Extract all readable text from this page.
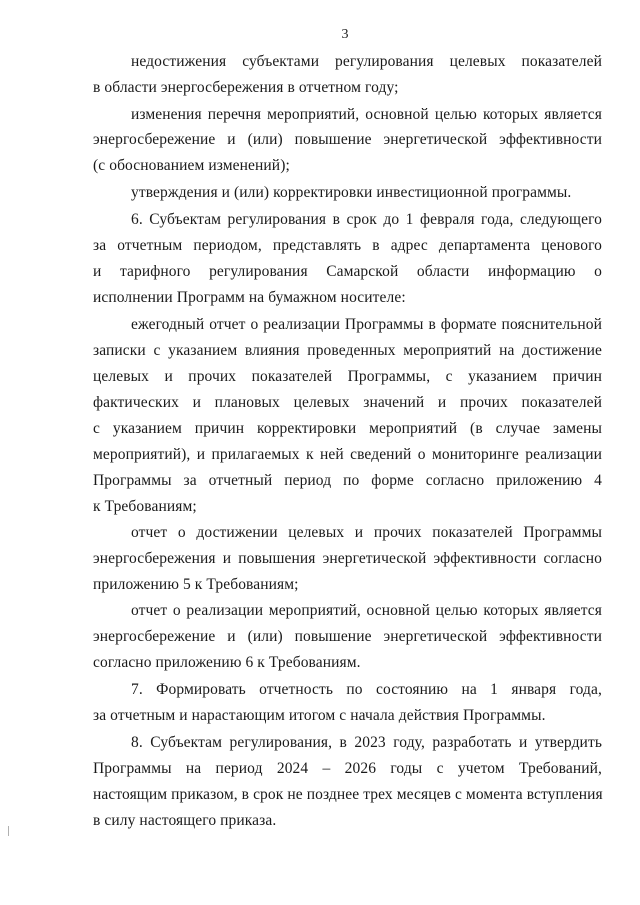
3
недостижения субъектами регулирования целевых показателей
в области энергосбережения в отчетном году;
изменения перечня мероприятий, основной целью которых является
энергосбережение и (или) повышение энергетической эффективности
(с обоснованием изменений);
утверждения и (или) корректировки инвестиционной программы.
6. Субъектам регулирования в срок до 1 февраля года, следующего
за отчетным периодом, представлять в адрес департамента ценового
и тарифного регулирования Самарской области информацию о
исполнении Программ на бумажном носителе:
ежегодный отчет о реализации Программы в формате пояснительной
записки с указанием влияния проведенных мероприятий на достижение
целевых и прочих показателей Программы, с указанием причин
фактических и плановых целевых значений и прочих показателей
с указанием причин корректировки мероприятий (в случае замены
мероприятий), и прилагаемых к ней сведений о мониторинге реализации
Программы за отчетный период по форме согласно приложению 4
к Требованиям;
отчет о достижении целевых и прочих показателей Программы
энергосбережения и повышения энергетической эффективности согласно
приложению 5 к Требованиям;
отчет о реализации мероприятий, основной целью которых является
энергосбережение и (или) повышение энергетической эффективности
согласно приложению 6 к Требованиям.
7. Формировать отчетность по состоянию на 1 января года,
за отчетным и нарастающим итогом с начала действия Программы.
8. Субъектам регулирования, в 2023 году, разработать и утвердить
Программы на период 2024 – 2026 годы с учетом Требований,
настоящим приказом, в срок не позднее трех месяцев с момента вступления
в силу настоящего приказа.
